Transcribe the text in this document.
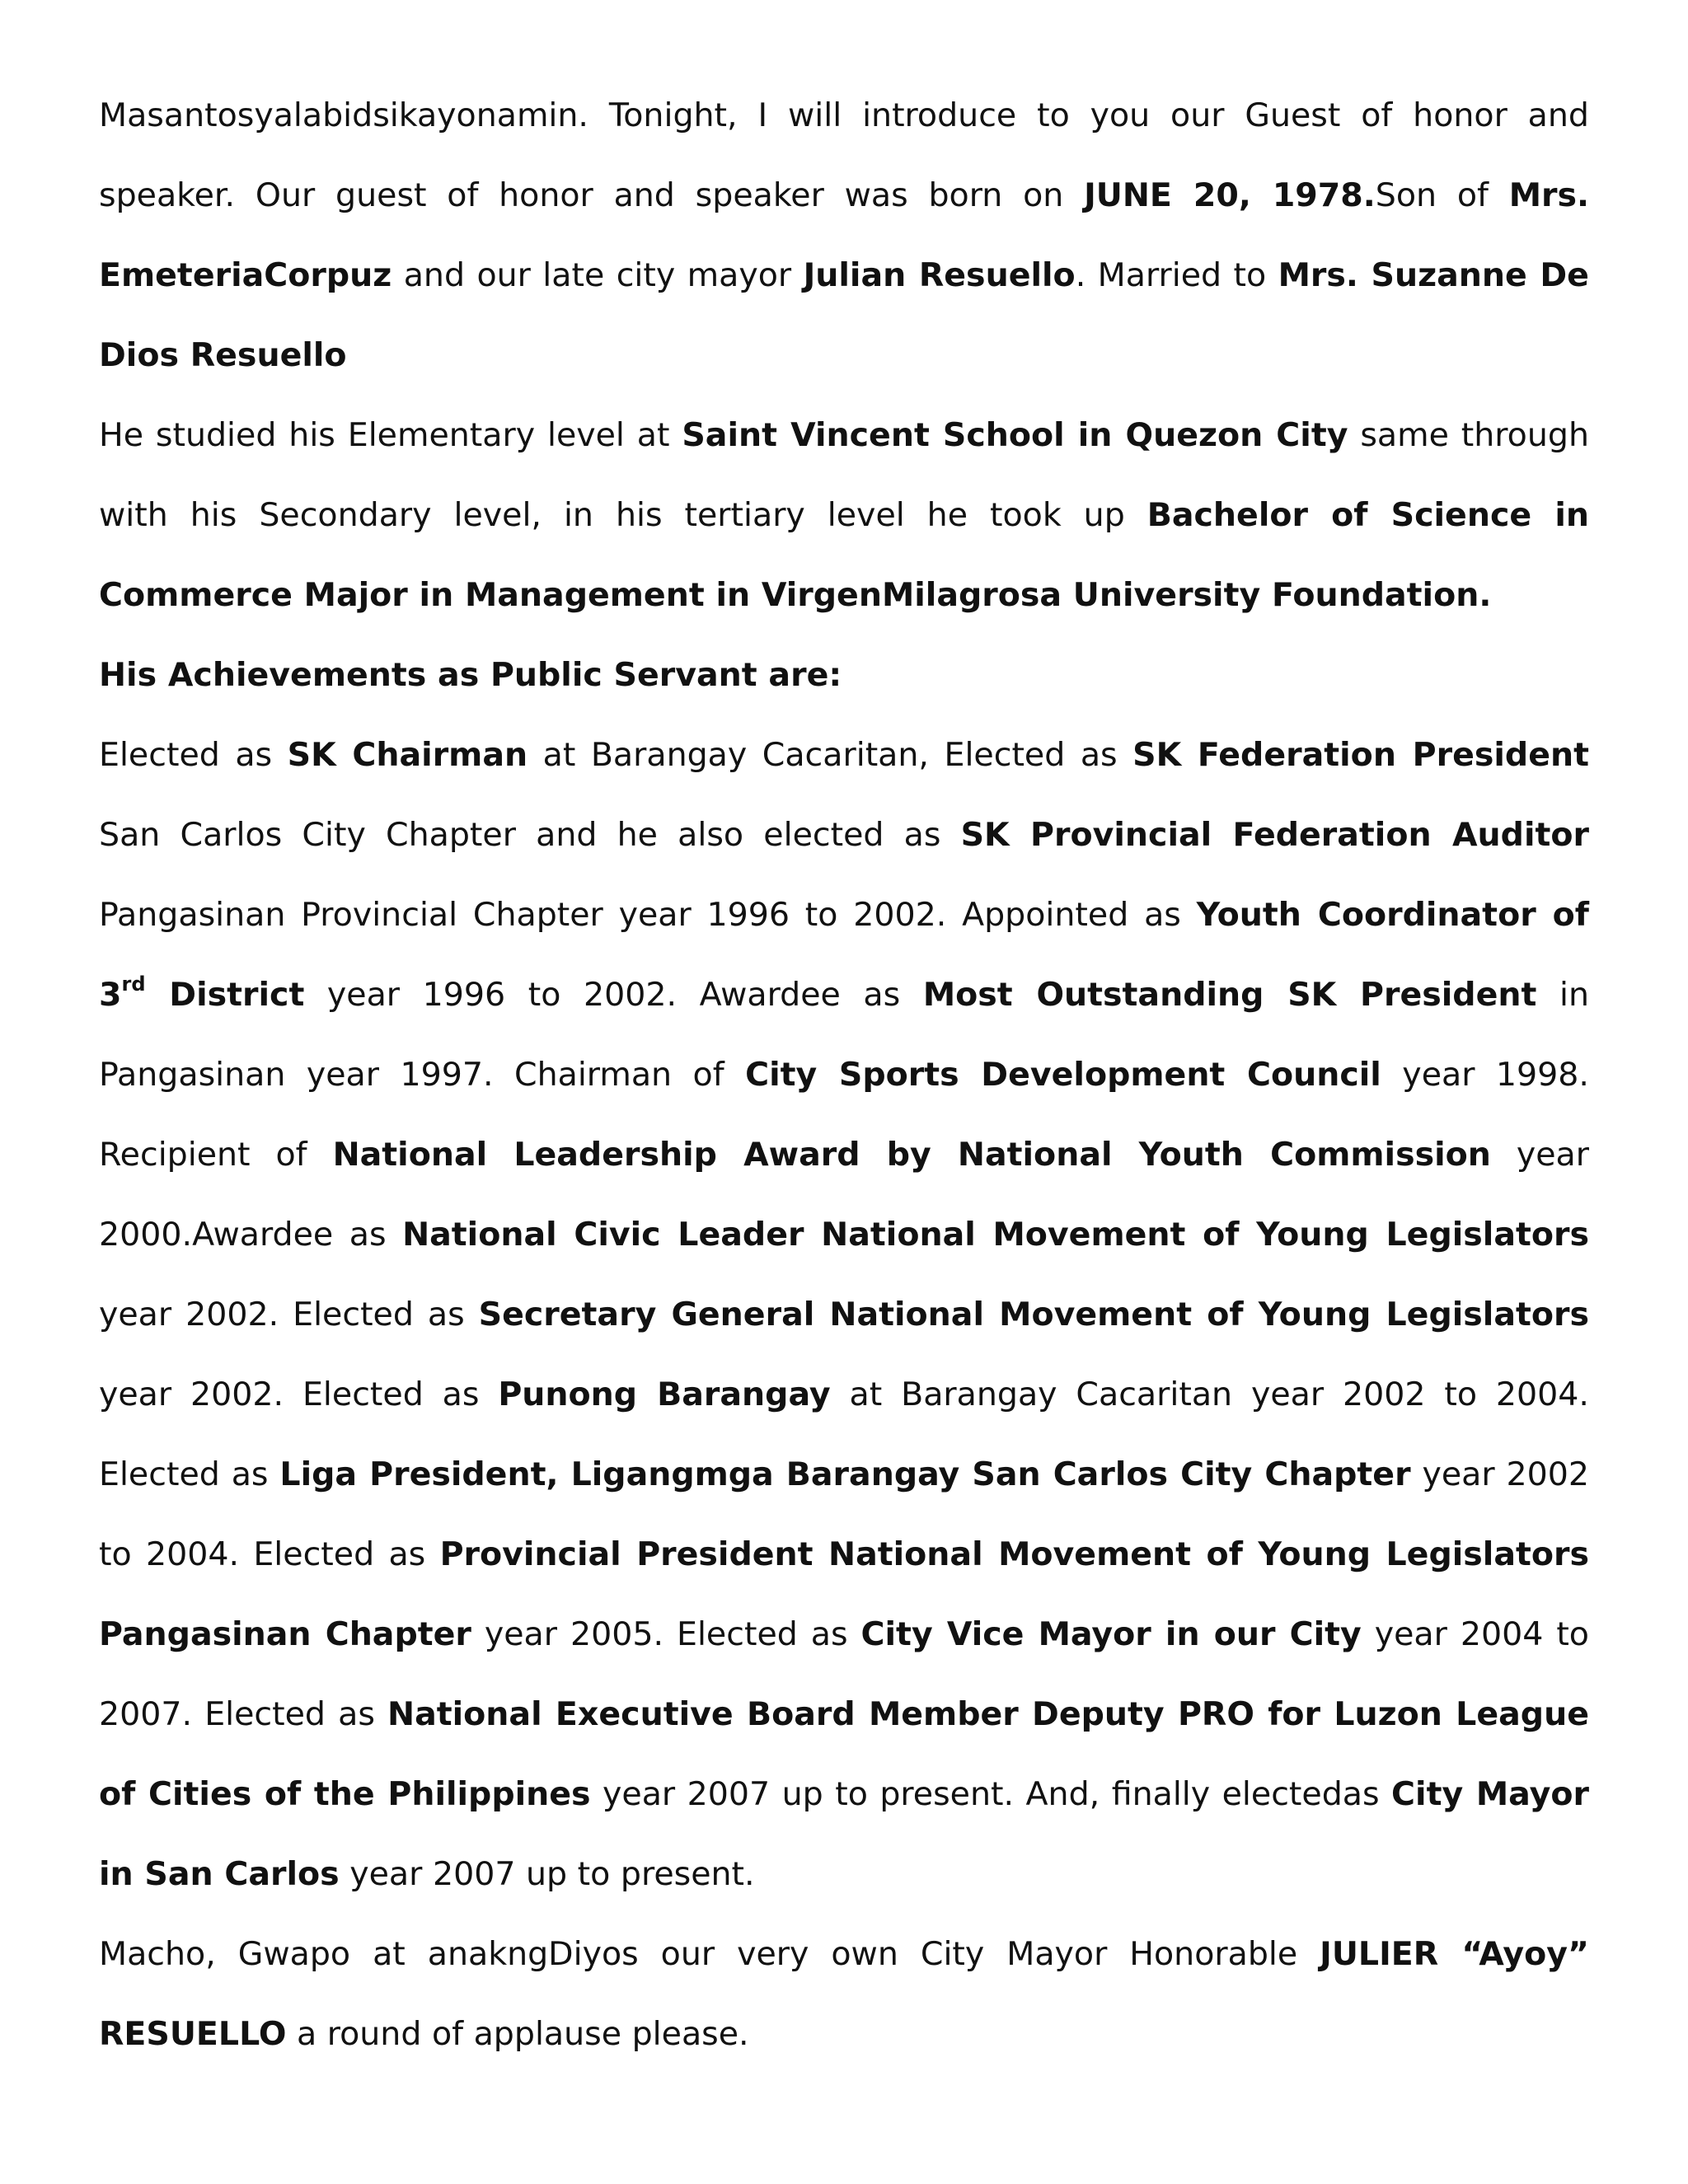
Masantosyalabidsikayonamin. Tonight, I will introduce to you our Guest of honor and speaker. Our guest of honor and speaker was born on JUNE 20, 1978.Son of Mrs. EmeteriaCorpuz and our late city mayor Julian Resuello. Married to Mrs. Suzanne De Dios Resuello

He studied his Elementary level at Saint Vincent School in Quezon City same through with his Secondary level, in his tertiary level he took up Bachelor of Science in Commerce Major in Management in VirgenMilagrosa University Foundation.

His Achievements as Public Servant are:

Elected as SK Chairman at Barangay Cacaritan, Elected as SK Federation President San Carlos City Chapter and he also elected as SK Provincial Federation Auditor Pangasinan Provincial Chapter year 1996 to 2002. Appointed as Youth Coordinator of 3rd District year 1996 to 2002. Awardee as Most Outstanding SK President in Pangasinan year 1997. Chairman of City Sports Development Council year 1998. Recipient of National Leadership Award by National Youth Commission year 2000.Awardee as National Civic Leader National Movement of Young Legislators year 2002. Elected as Secretary General National Movement of Young Legislators year 2002. Elected as Punong Barangay at Barangay Cacaritan year 2002 to 2004. Elected as Liga President, Ligangmga Barangay San Carlos City Chapter year 2002 to 2004. Elected as Provincial President National Movement of Young Legislators Pangasinan Chapter year 2005. Elected as City Vice Mayor in our City year 2004 to 2007. Elected as National Executive Board Member Deputy PRO for Luzon League of Cities of the Philippines year 2007 up to present. And, finally electedas City Mayor in San Carlos year 2007 up to present.

Macho, Gwapo at anakngDiyos our very own City Mayor Honorable JULIER “Ayoy” RESUELLO a round of applause please.
